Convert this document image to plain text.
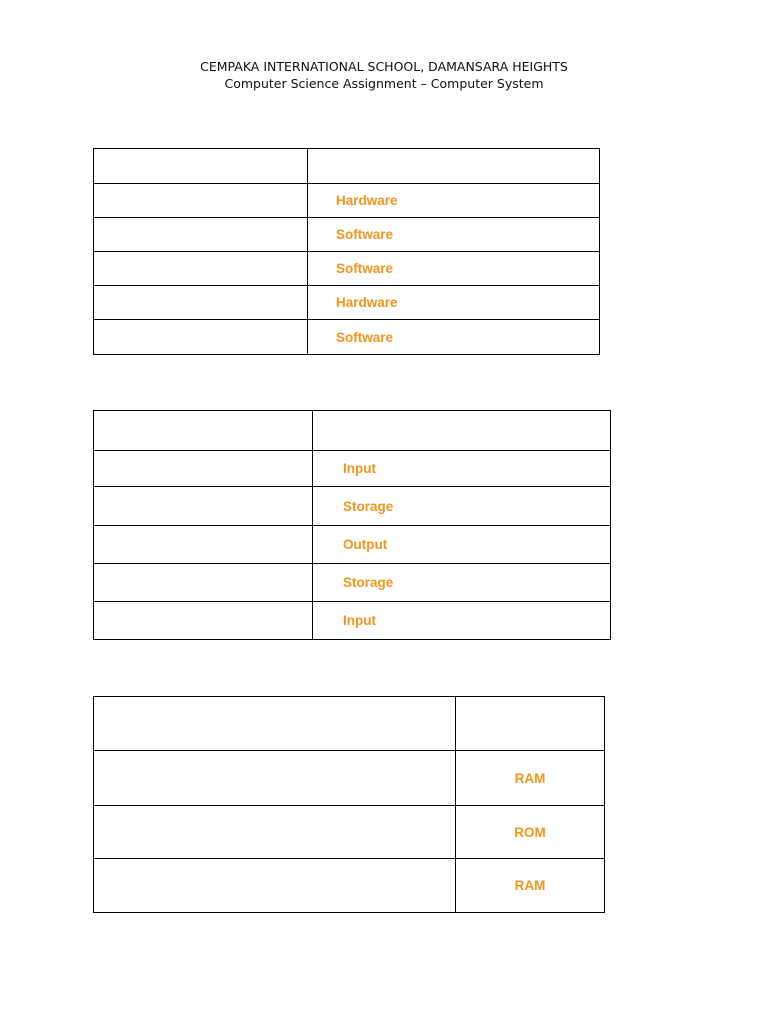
CEMPAKA INTERNATIONAL SCHOOL, DAMANSARA HEIGHTS
Computer Science Assignment – Computer System

	Hardware
	Software
	Software
	Hardware
	Software

	Input
	Storage
	Output
	Storage
	Input

	RAM
	ROM
	RAM
